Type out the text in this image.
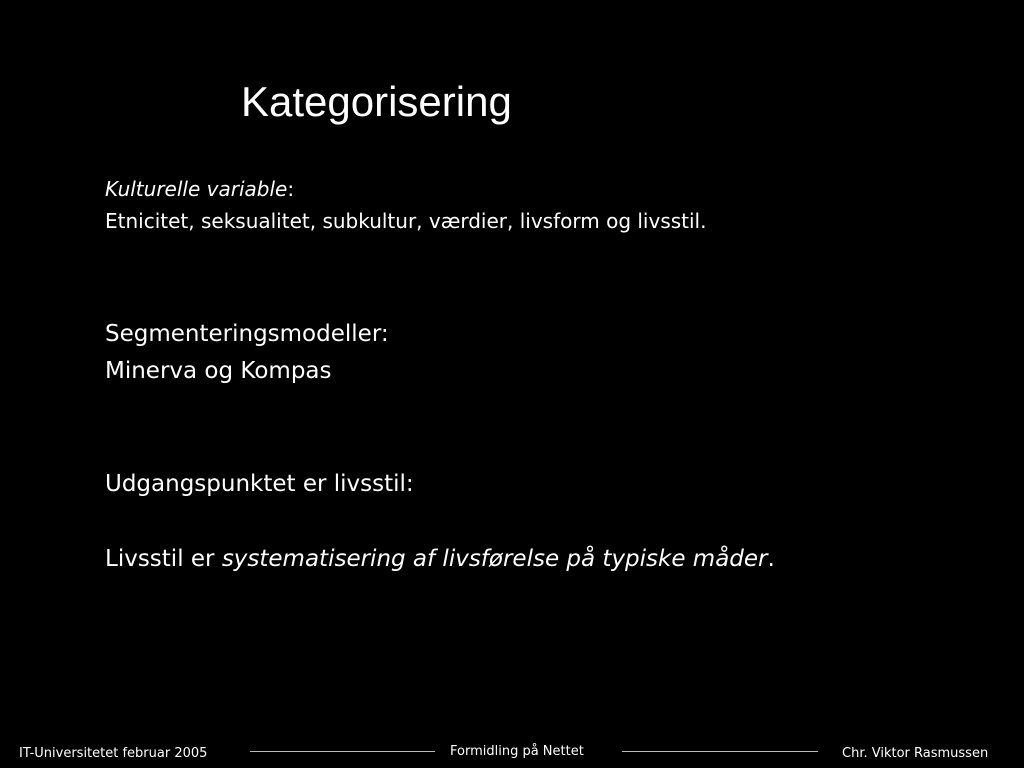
Kategorisering
Kulturelle variable:
Etnicitet, seksualitet, subkultur, værdier, livsform og livsstil.
Segmenteringsmodeller:
Minerva og Kompas
Udgangspunktet er livsstil:
Livsstil er systematisering af livsførelse på typiske måder.
IT-Universitetet februar 2005	Formidling på Nettet	Chr. Viktor Rasmussen
